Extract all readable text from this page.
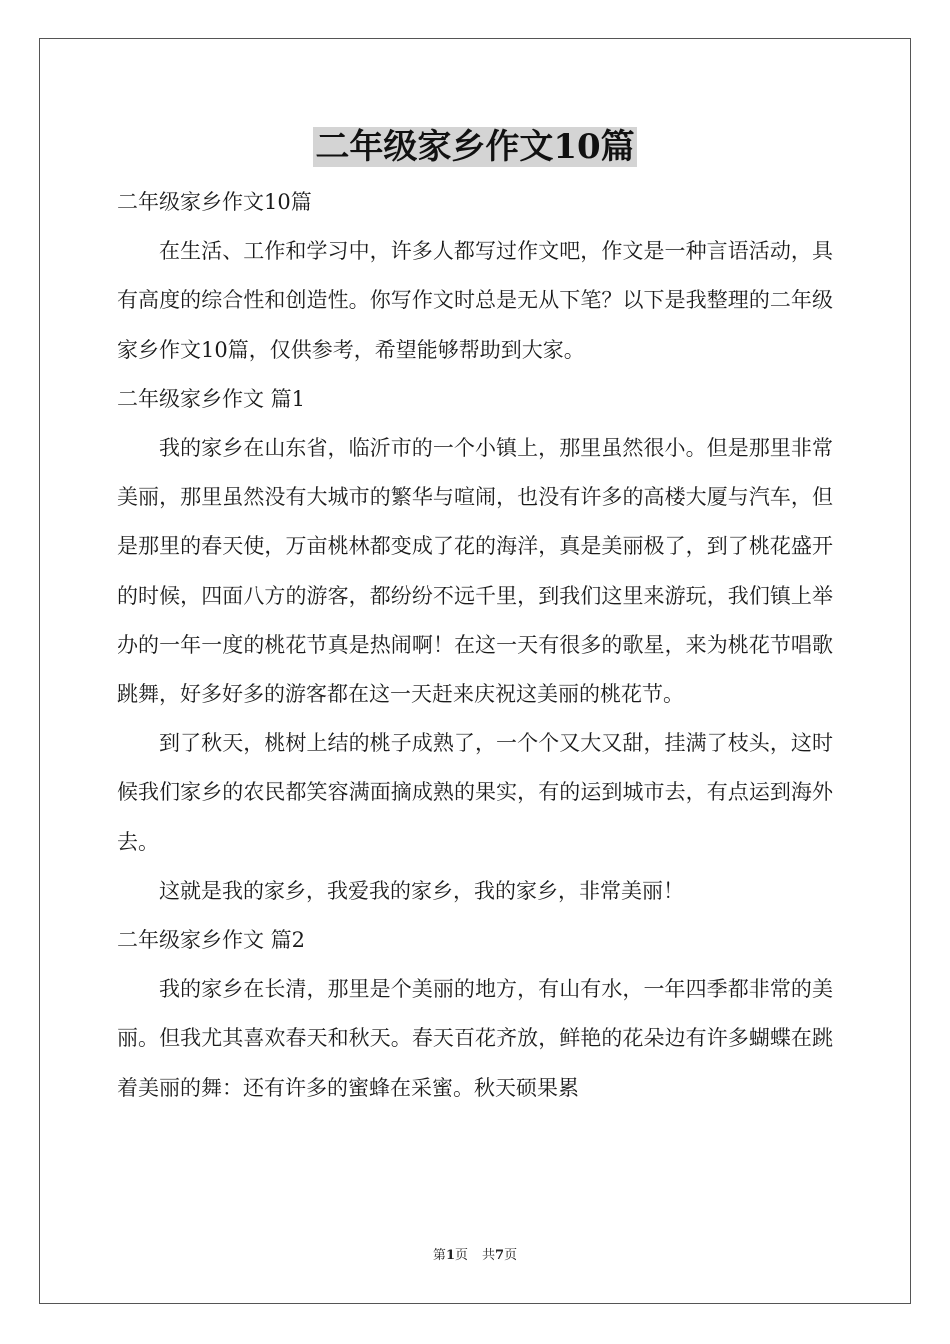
二年级家乡作文10篇

二年级家乡作文10篇

在生活、工作和学习中，许多人都写过作文吧，作文是一种言语活动，具有高度的综合性和创造性。你写作文时总是无从下笔？以下是我整理的二年级家乡作文10篇，仅供参考，希望能够帮助到大家。

二年级家乡作文 篇1

我的家乡在山东省，临沂市的一个小镇上，那里虽然很小。但是那里非常美丽，那里虽然没有大城市的繁华与喧闹，也没有许多的高楼大厦与汽车，但是那里的春天使，万亩桃林都变成了花的海洋，真是美丽极了，到了桃花盛开的时候，四面八方的游客，都纷纷不远千里，到我们这里来游玩，我们镇上举办的一年一度的桃花节真是热闹啊！在这一天有很多的歌星，来为桃花节唱歌跳舞，好多好多的游客都在这一天赶来庆祝这美丽的桃花节。

到了秋天，桃树上结的桃子成熟了，一个个又大又甜，挂满了枝头，这时候我们家乡的农民都笑容满面摘成熟的果实，有的运到城市去，有点运到海外去。

这就是我的家乡，我爱我的家乡，我的家乡，非常美丽！

二年级家乡作文 篇2

我的家乡在长清，那里是个美丽的地方，有山有水，一年四季都非常的美丽。但我尤其喜欢春天和秋天。春天百花齐放，鲜艳的花朵边有许多蝴蝶在跳着美丽的舞：还有许多的蜜蜂在采蜜。秋天硕果累

第1页 共7页
